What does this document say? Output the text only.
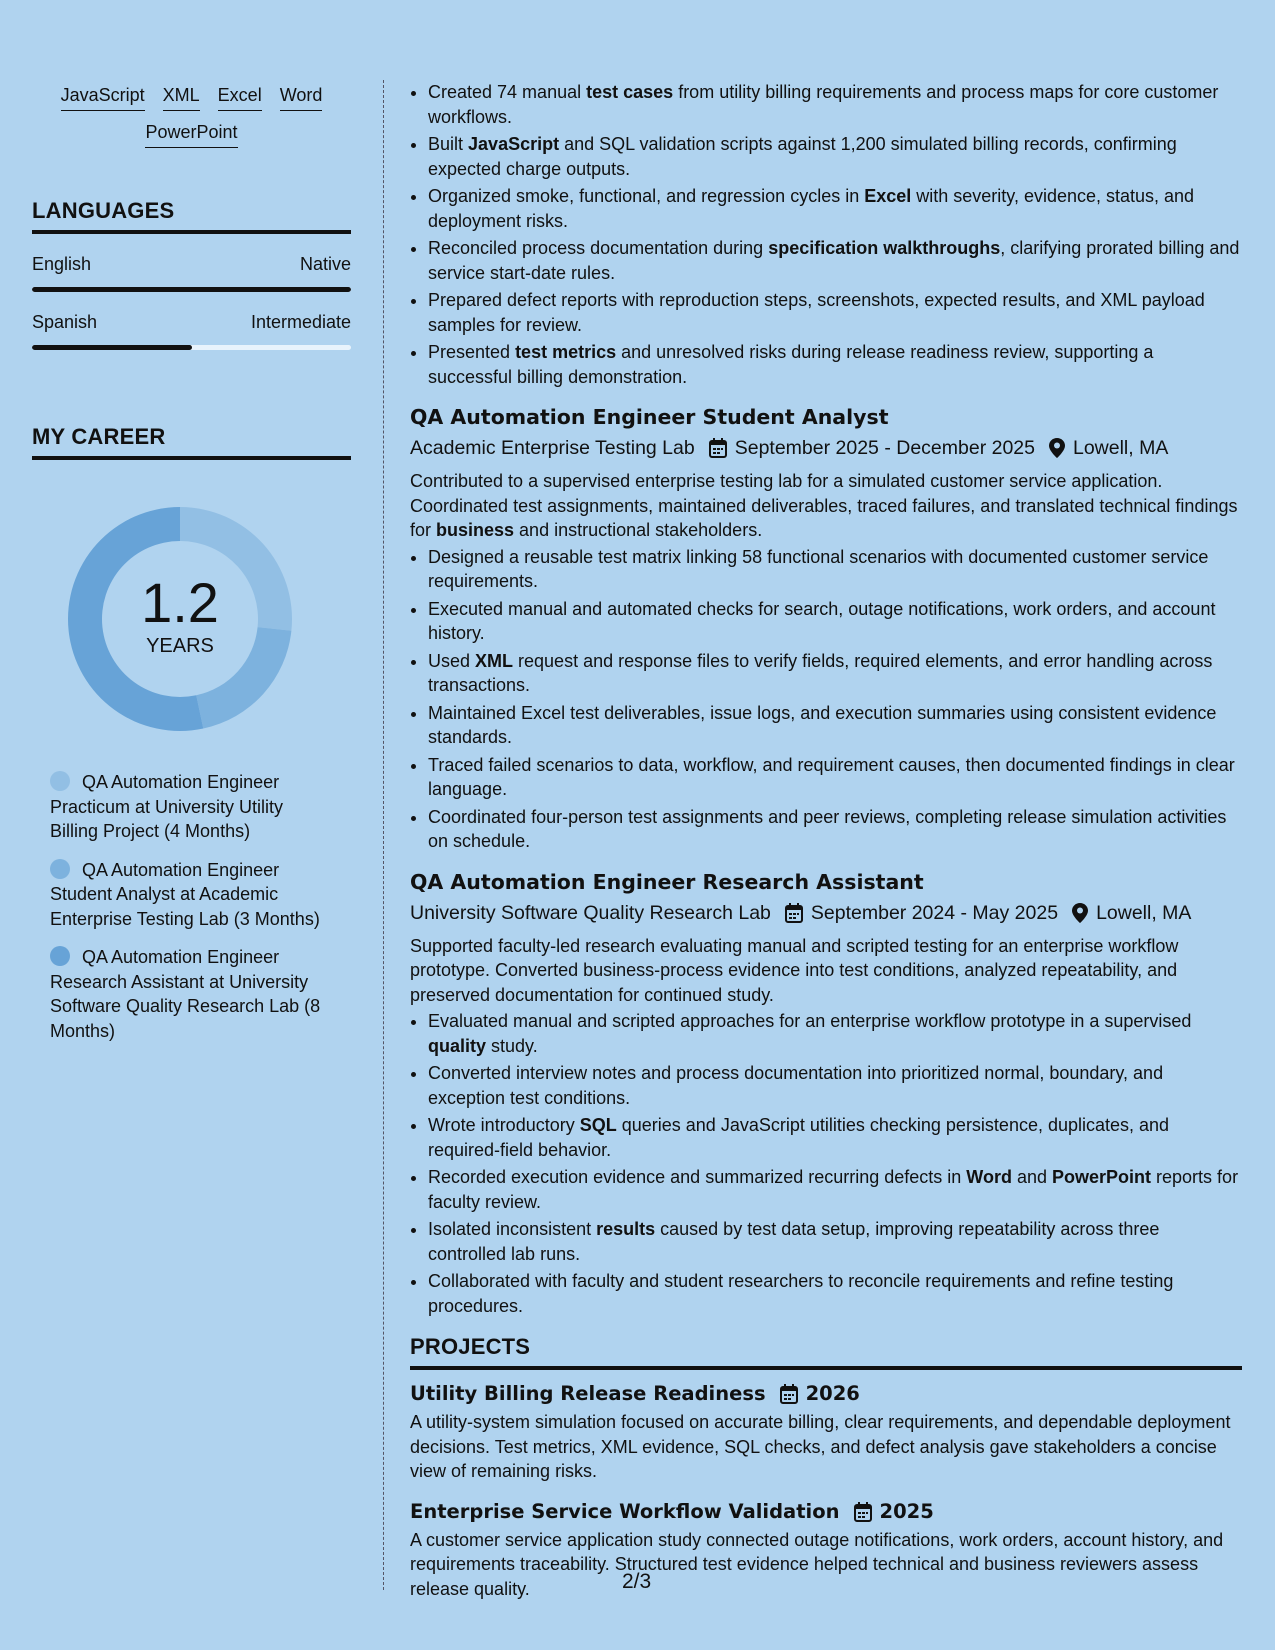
JavaScript XML Excel Word
PowerPoint
LANGUAGES
English	Native
Spanish	Intermediate
MY CAREER
1.2
YEARS
QA Automation Engineer Practicum at University Utility Billing Project (4 Months)
QA Automation Engineer Student Analyst at Academic Enterprise Testing Lab (3 Months)
QA Automation Engineer Research Assistant at University Software Quality Research Lab (8 Months)
• Created 74 manual test cases from utility billing requirements and process maps for core customer workflows.
• Built JavaScript and SQL validation scripts against 1,200 simulated billing records, confirming expected charge outputs.
• Organized smoke, functional, and regression cycles in Excel with severity, evidence, status, and deployment risks.
• Reconciled process documentation during specification walkthroughs, clarifying prorated billing and service start-date rules.
• Prepared defect reports with reproduction steps, screenshots, expected results, and XML payload samples for review.
• Presented test metrics and unresolved risks during release readiness review, supporting a successful billing demonstration.
QA Automation Engineer Student Analyst
Academic Enterprise Testing Lab September 2025 - December 2025 Lowell, MA
Contributed to a supervised enterprise testing lab for a simulated customer service application. Coordinated test assignments, maintained deliverables, traced failures, and translated technical findings for business and instructional stakeholders.
• Designed a reusable test matrix linking 58 functional scenarios with documented customer service requirements.
• Executed manual and automated checks for search, outage notifications, work orders, and account history.
• Used XML request and response files to verify fields, required elements, and error handling across transactions.
• Maintained Excel test deliverables, issue logs, and execution summaries using consistent evidence standards.
• Traced failed scenarios to data, workflow, and requirement causes, then documented findings in clear language.
• Coordinated four-person test assignments and peer reviews, completing release simulation activities on schedule.
QA Automation Engineer Research Assistant
University Software Quality Research Lab September 2024 - May 2025 Lowell, MA
Supported faculty-led research evaluating manual and scripted testing for an enterprise workflow prototype. Converted business-process evidence into test conditions, analyzed repeatability, and preserved documentation for continued study.
• Evaluated manual and scripted approaches for an enterprise workflow prototype in a supervised quality study.
• Converted interview notes and process documentation into prioritized normal, boundary, and exception test conditions.
• Wrote introductory SQL queries and JavaScript utilities checking persistence, duplicates, and required-field behavior.
• Recorded execution evidence and summarized recurring defects in Word and PowerPoint reports for faculty review.
• Isolated inconsistent results caused by test data setup, improving repeatability across three controlled lab runs.
• Collaborated with faculty and student researchers to reconcile requirements and refine testing procedures.
PROJECTS
Utility Billing Release Readiness 2026
A utility-system simulation focused on accurate billing, clear requirements, and dependable deployment decisions. Test metrics, XML evidence, SQL checks, and defect analysis gave stakeholders a concise view of remaining risks.
Enterprise Service Workflow Validation 2025
A customer service application study connected outage notifications, work orders, account history, and requirements traceability. Structured test evidence helped technical and business reviewers assess release quality.	2/3
